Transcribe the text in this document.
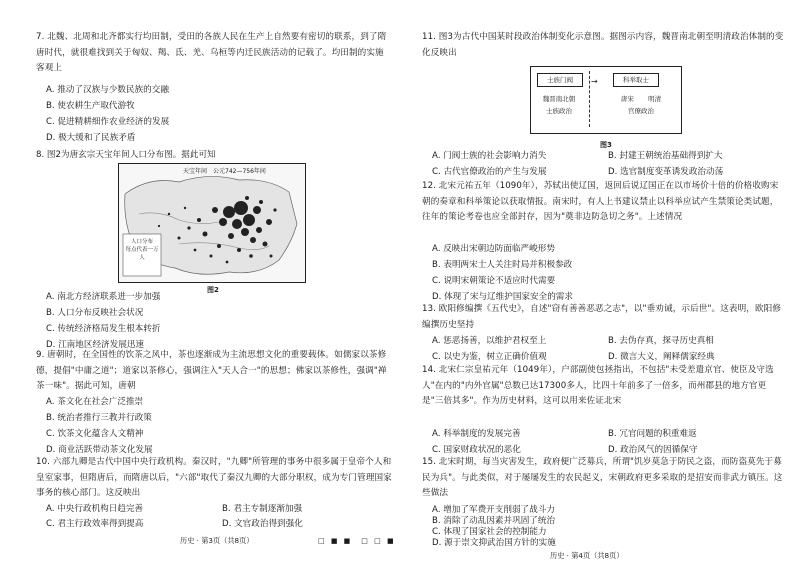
7. 北魏、北周和北齐都实行均田制，受田的各族人民在生产上自然要有密切的联系，到了隋唐时代，就很难找到关于匈奴、羯、氐、羌、乌桓等内迁民族活动的记载了。均田制的实施客观上

A. 推动了汉族与少数民族的交融
B. 使农耕生产取代游牧
C. 促进精耕细作农业经济的发展
D. 极大缓和了民族矛盾
8. 图2为唐玄宗天宝年间人口分布图。据此可知
天宝年间　公元742—756年间
人口分布
每点代表一万人
图2
A. 南北方经济联系进一步加强
B. 人口分布反映社会状况
C. 传统经济格局发生根本转折
D. 江南地区经济发展迅速

9. 唐朝时，在全国性的饮茶之风中，茶也逐渐成为主流思想文化的重要载体。如儒家以茶修德，提倡"中庸之道"；道家以茶修心，强调注入"天人合一"的思想；佛家以茶修性，强调"禅茶一味"。据此可知，唐朝

A. 茶文化在社会广泛推崇
B. 统治者推行三教并行政策
C. 饮茶文化蕴含人文精神
D. 商业活跃带动茶文化发展

10. 六部九卿是古代中国中央行政机构。秦汉时，"九卿"所管理的事务中很多属于皇帝个人和皇室家事，但隋唐后，而隋唐以后，"六部"取代了秦汉九卿的大部分职权，成为专门管理国家事务的核心部门。这反映出

A. 中央行政机构日趋完善	B. 君主专制逐渐加强
C. 君主行政效率得到提高	D. 文官政治得到强化
历史 · 第3页（共8页）	□ ■ ■　□ □ ■

11. 图3为古代中国某时段政治体制变化示意图。据图示内容，魏晋南北朝至明清政治体制的变化反映出

士族门阀
魏晋南北朝
士族政治
→	科举取士
唐宋 明清
官僚政治
图3
A. 门阀士族的社会影响力消失	B. 封建王朝统治基础得到扩大
C. 古代官僚政治的产生与发展	D. 选官制度变革诱发政治动荡

12. 北宋元祐五年（1090年），苏轼出使辽国，返回后说辽国正在以市场价十倍的价格收购宋朝的奏章和科举策论以获取情报。南宋时，有人上书建议禁止以科举应试产生禁策论类试题，往年的策论考卷也应全部封存，因为"奠非边防急切之务"。上述情况

A. 反映出宋朝边防面临严峻形势
B. 表明两宋士人关注时局并积极参政
C. 说明宋朝策论不适应时代需要
D. 体现了宋与辽维护国家安全的需求

13. 欧阳修编撰《五代史》，自述"窃有善善恶恶之志"，以"垂劝诫，示后世"。这表明，欧阳修编撰历史坚持

A. 惩恶扬善，以维护君权至上	B. 去伪存真，探寻历史真相
C. 以史为鉴，树立正确价值观	D. 微言大义，阐释儒家经典

14. 北宋仁宗皇祐元年（1049年），户部副使包拯指出，不包括"未受差遣京官、使臣及守选人"在内的"内外官属"总数已达17300多人，比四十年前多了一倍多，而州郡县的地方官更是"三倍其多"。作为历史材料，这可以用来佐证北宋

A. 科举制度的发展完善	B. 冗官问题的积重难返
C. 国家财政状况的恶化	D. 政治风气的因循保守

15. 北宋时期，每当灾害发生，政府便广泛募兵，所谓"饥岁莫急于防民之盗，而防盗莫先于募民为兵"。与此类似，对于屡屡发生的农民起义，宋朝政府更多采取的是招安而非武力镇压。这些做法

A. 增加了军费开支削弱了战斗力
B. 消除了动乱因素并巩固了统治
C. 体现了国家社会的控制能力
D. 源于崇文抑武治国方针的实施
历史 · 第4页（共8页）
